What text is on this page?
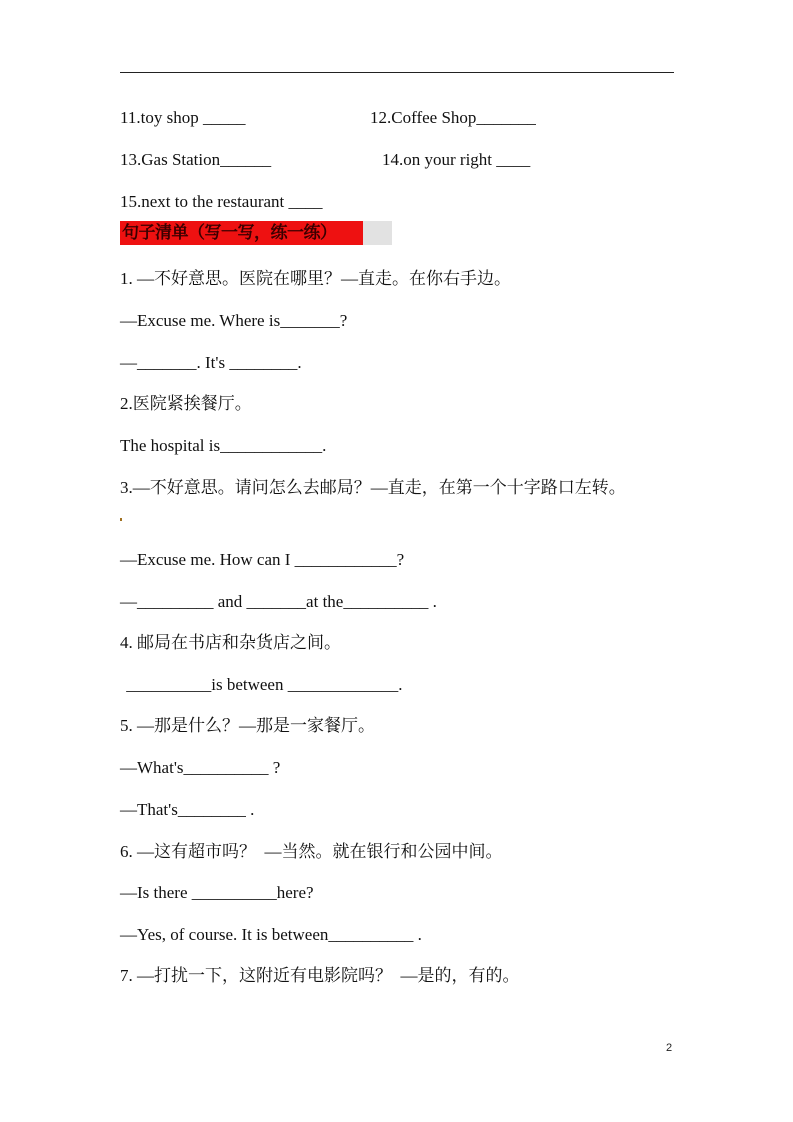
11.toy shop _____	12.Coffee Shop_______
13.Gas Station______	14.on your right ____
15.next to the restaurant ____
句子清单（写一写，练一练）
1. —不好意思。医院在哪里？—直走。在你右手边。
—Excuse me. Where is_______?
—_______. It's ________.
2.医院紧挨餐厅。
The hospital is____________.
3.—不好意思。请问怎么去邮局？—直走，在第一个十字路口左转。
—Excuse me. How can I ____________?
—_________ and _______at the__________ .
4. 邮局在书店和杂货店之间。
__________is between _____________.
5. —那是什么？—那是一家餐厅。
—What's__________ ?
—That's________ .
6. —这有超市吗？  —当然。就在银行和公园中间。
—Is there __________here?
—Yes, of course. It is between__________ .
7. —打扰一下，这附近有电影院吗？  —是的，有的。
2
